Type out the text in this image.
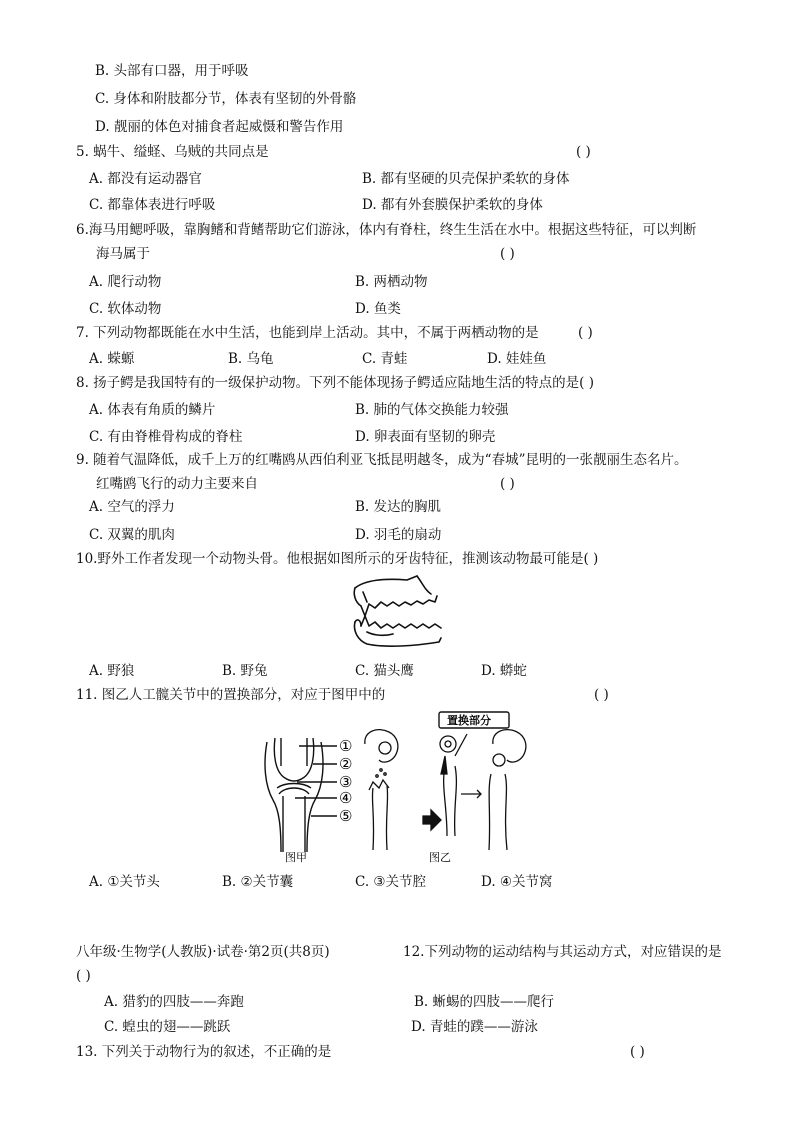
B. 头部有口器，用于呼吸
C. 身体和附肢都分节，体表有坚韧的外骨骼
D. 靓丽的体色对捕食者起威慑和警告作用
5. 蜗牛、缢蛏、乌贼的共同点是	( )
A. 都没有运动器官	B. 都有坚硬的贝壳保护柔软的身体
C. 都靠体表进行呼吸	D. 都有外套膜保护柔软的身体
6.海马用鳃呼吸，靠胸鳍和背鳍帮助它们游泳，体内有脊柱，终生生活在水中。根据这些特征，可以判断
海马属于	( )
A. 爬行动物	B. 两栖动物
C. 软体动物	D. 鱼类
7. 下列动物都既能在水中生活，也能到岸上活动。其中，不属于两栖动物的是	( )
A. 蝾螈	B. 乌龟	C. 青蛙	D. 娃娃鱼
8. 扬子鳄是我国特有的一级保护动物。下列不能体现扬子鳄适应陆地生活的特点的是( )
A. 体表有角质的鳞片	B. 肺的气体交换能力较强
C. 有由脊椎骨构成的脊柱	D. 卵表面有坚韧的卵壳
9. 随着气温降低，成千上万的红嘴鸥从西伯利亚飞抵昆明越冬，成为“春城”昆明的一张靓丽生态名片。
红嘴鸥飞行的动力主要来自	( )
A. 空气的浮力	B. 发达的胸肌
C. 双翼的肌肉	D. 羽毛的扇动
10.野外工作者发现一个动物头骨。他根据如图所示的牙齿特征，推测该动物最可能是( )
A. 野狼	B. 野兔	C. 猫头鹰	D. 蟒蛇
11. 图乙人工髋关节中的置换部分，对应于图甲中的	( )
①
②
③
④
⑤
图甲
置换部分
图乙
A. ①关节头	B. ②关节囊	C. ③关节腔	D. ④关节窝
八年级·生物学(人教版)·试卷·第2页(共8页)	12.下列动物的运动结构与其运动方式，对应错误的是
( )
A. 猎豹的四肢——奔跑	B. 蜥蜴的四肢——爬行
C. 蝗虫的翅——跳跃	D. 青蛙的蹼——游泳
13. 下列关于动物行为的叙述，不正确的是	( )
